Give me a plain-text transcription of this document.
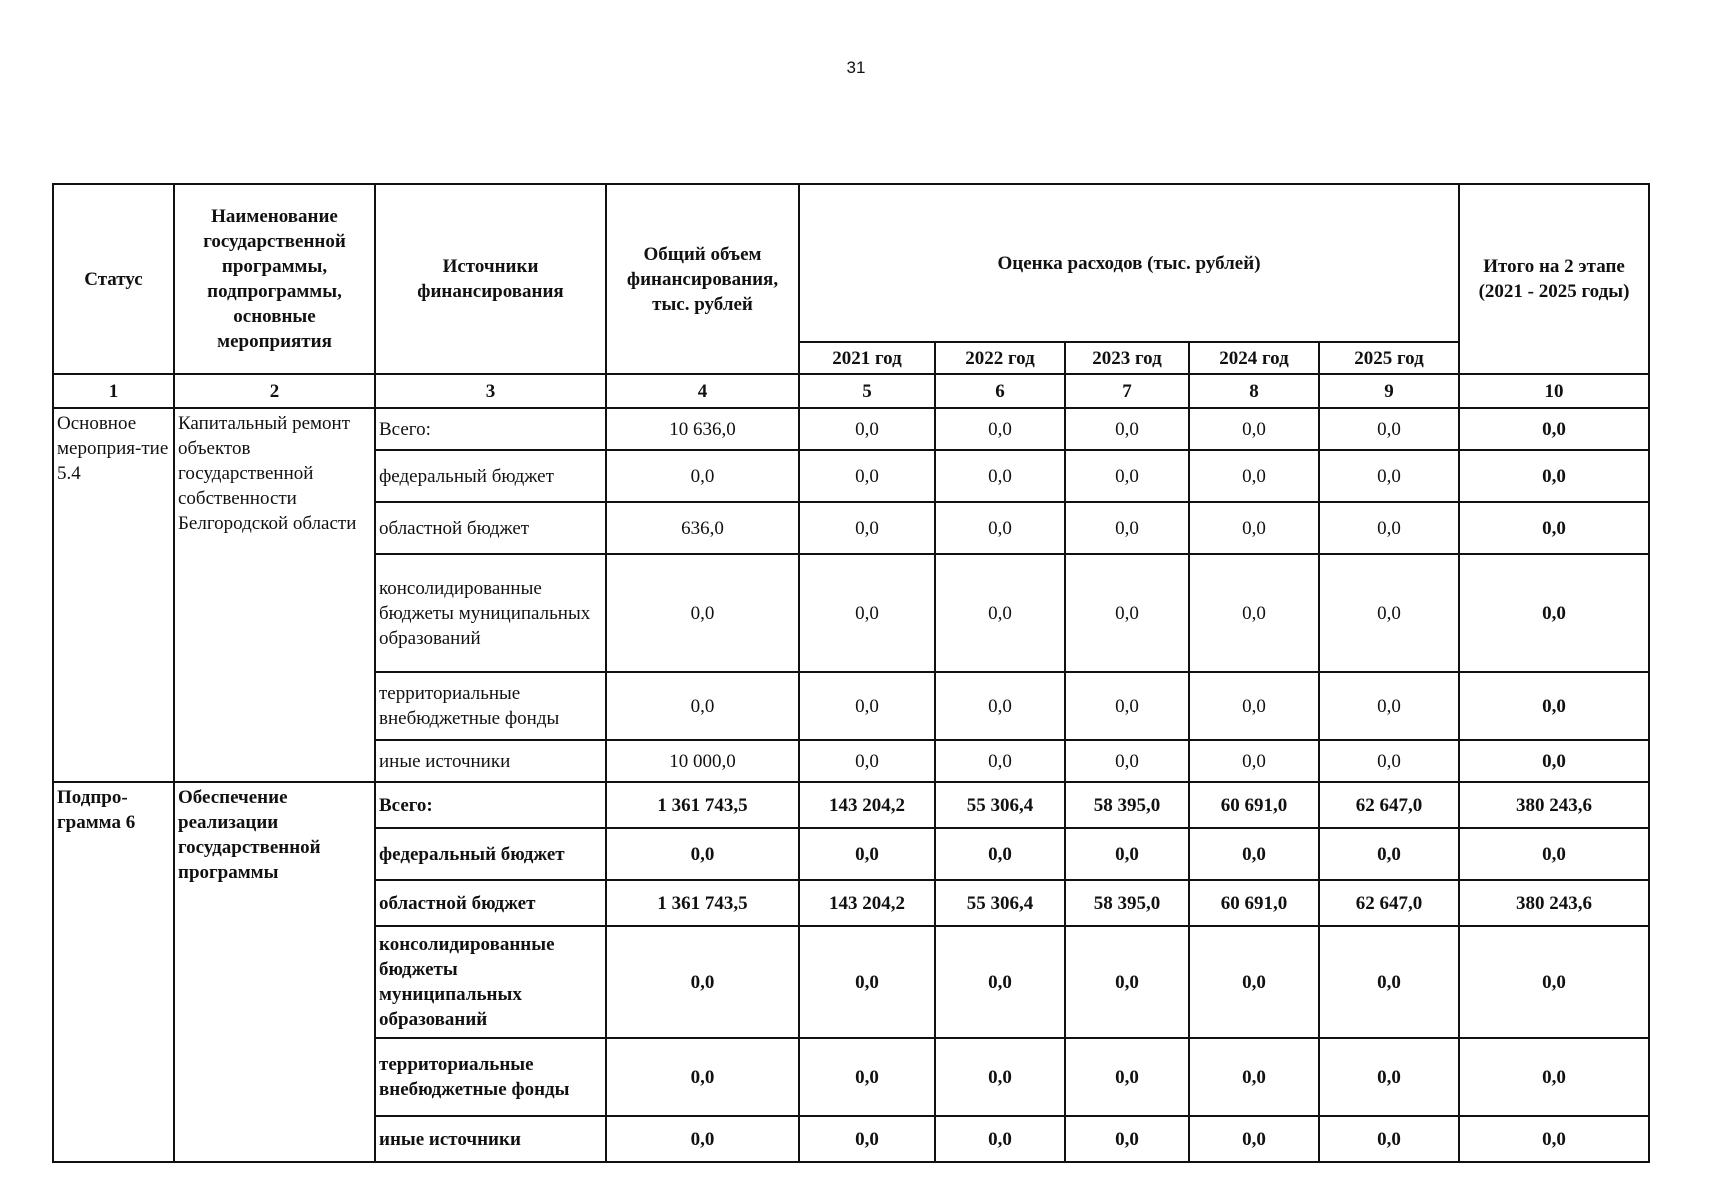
31
Статус	Наименование государственной программы, подпрограммы, основные мероприятия	Источники финансирования	Общий объем финансирования, тыс. рублей	Оценка расходов (тыс. рублей)					Итого на 2 этапе (2021 - 2025 годы)
				2021 год	2022 год	2023 год	2024 год	2025 год	
1	2	3	4	5	6	7	8	9	10
Основное мероприя-тие 5.4	Капитальный ремонт объектов государственной собственности Белгородской области	Всего:	10 636,0	0,0	0,0	0,0	0,0	0,0	0,0
		федеральный бюджет	0,0	0,0	0,0	0,0	0,0	0,0	0,0
		областной бюджет	636,0	0,0	0,0	0,0	0,0	0,0	0,0
		консолидированные бюджеты муниципальных образований	0,0	0,0	0,0	0,0	0,0	0,0	0,0
		территориальные внебюджетные фонды	0,0	0,0	0,0	0,0	0,0	0,0	0,0
		иные источники	10 000,0	0,0	0,0	0,0	0,0	0,0	0,0
Подпро-грамма 6	Обеспечение реализации государственной программы	Всего:	1 361 743,5	143 204,2	55 306,4	58 395,0	60 691,0	62 647,0	380 243,6
		федеральный бюджет	0,0	0,0	0,0	0,0	0,0	0,0	0,0
		областной бюджет	1 361 743,5	143 204,2	55 306,4	58 395,0	60 691,0	62 647,0	380 243,6
		консолидированные бюджеты муниципальных образований	0,0	0,0	0,0	0,0	0,0	0,0	0,0
		территориальные внебюджетные фонды	0,0	0,0	0,0	0,0	0,0	0,0	0,0
		иные источники	0,0	0,0	0,0	0,0	0,0	0,0	0,0
